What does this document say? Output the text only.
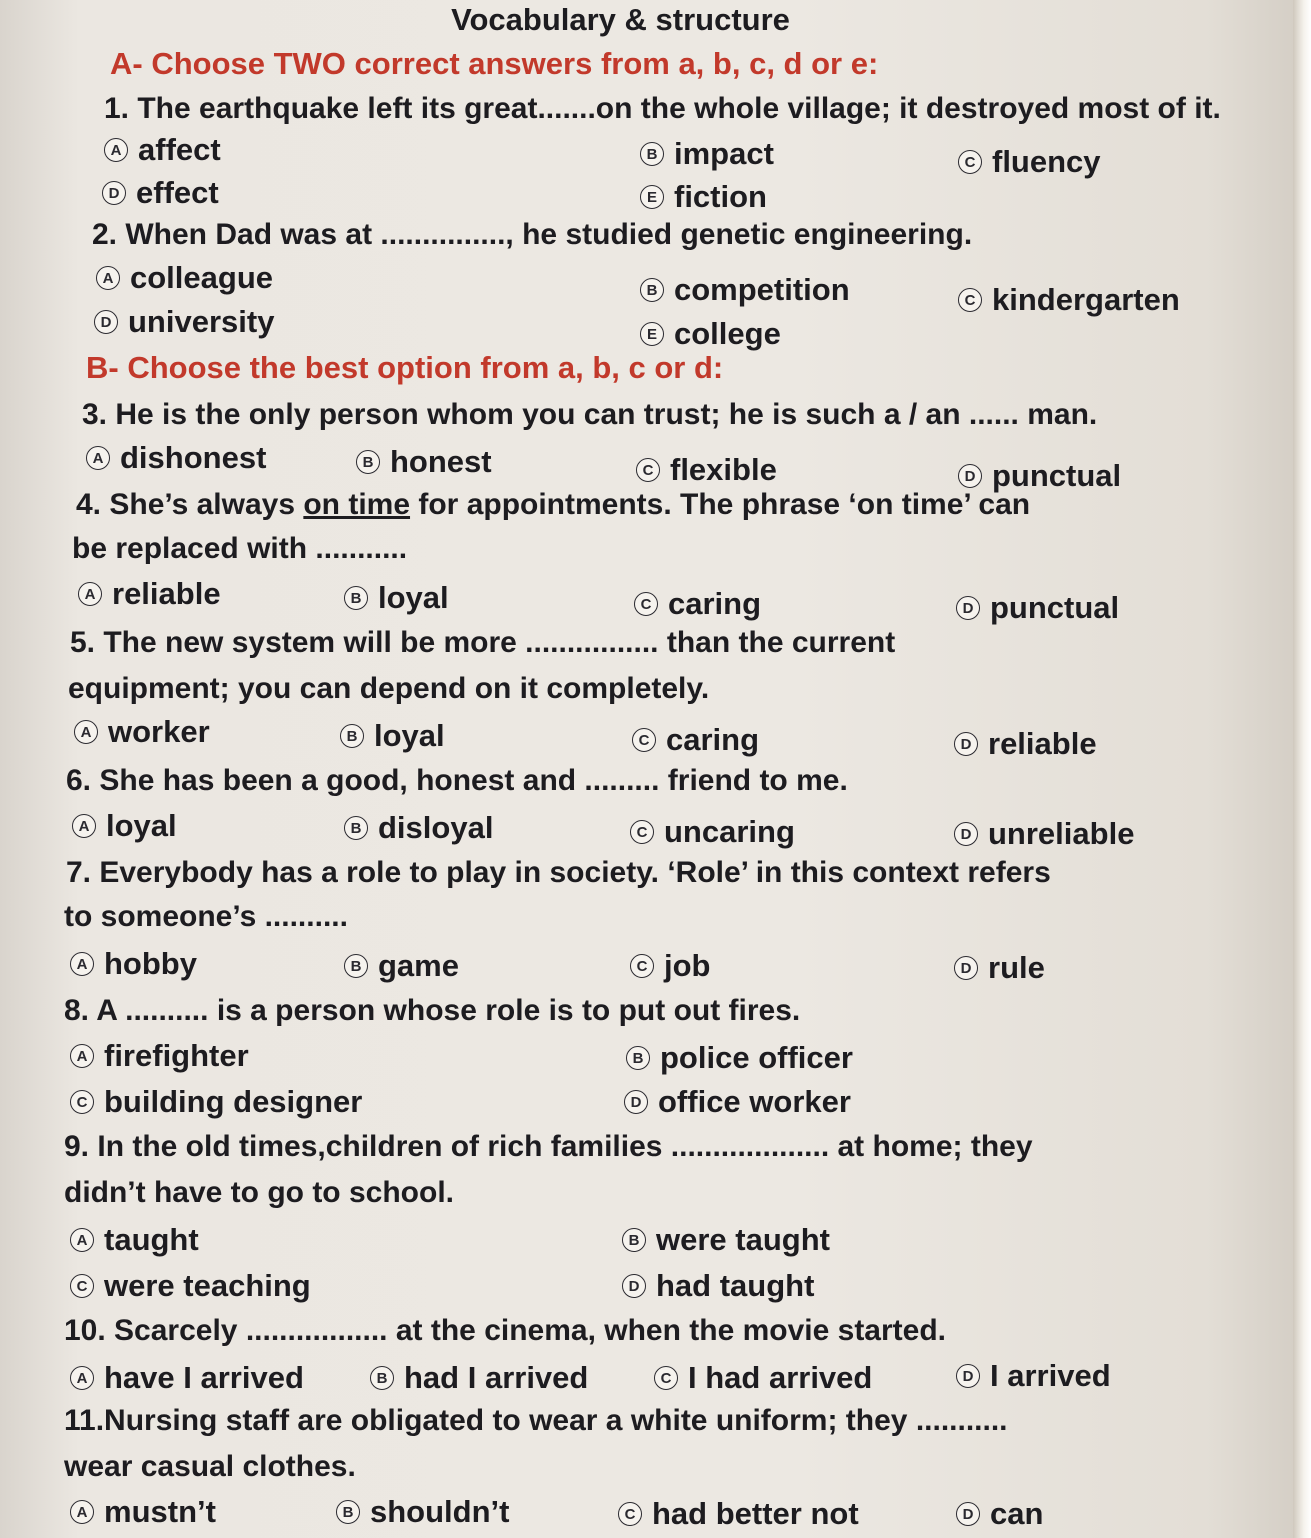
Vocabulary & structure
A- Choose TWO correct answers from a, b, c, d or e:
1. The earthquake left its great.......on the whole village; it destroyed most of it.
A affect	B impact	C fluency
D effect	E fiction
2. When Dad was at ..............., he studied genetic engineering.
A colleague	B competition	C kindergarten
D university	E college
B- Choose the best option from a, b, c or d:
3. He is the only person whom you can trust; he is such a / an ...... man.
A dishonest	B honest	C flexible	D punctual
4. She’s always on time for appointments. The phrase ‘on time’ can
be replaced with ...........
A reliable	B loyal	C caring	D punctual
5. The new system will be more ................ than the current
equipment; you can depend on it completely.
A worker	B loyal	C caring	D reliable
6. She has been a good, honest and ......... friend to me.
A loyal	B disloyal	C uncaring	D unreliable
7. Everybody has a role to play in society. ‘Role’ in this context refers
to someone’s ..........
A hobby	B game	C job	D rule
8. A .......... is a person whose role is to put out fires.
A firefighter	B police officer
C building designer	D office worker
9. In the old times,children of rich families ................... at home; they
didn’t have to go to school.
A taught	B were taught
C were teaching	D had taught
10. Scarcely ................. at the cinema, when the movie started.
A have I arrived	B had I arrived	C I had arrived	D I arrived
11.Nursing staff are obligated to wear a white uniform; they ...........
wear casual clothes.
A mustn’t	B shouldn’t	C had better not	D can
